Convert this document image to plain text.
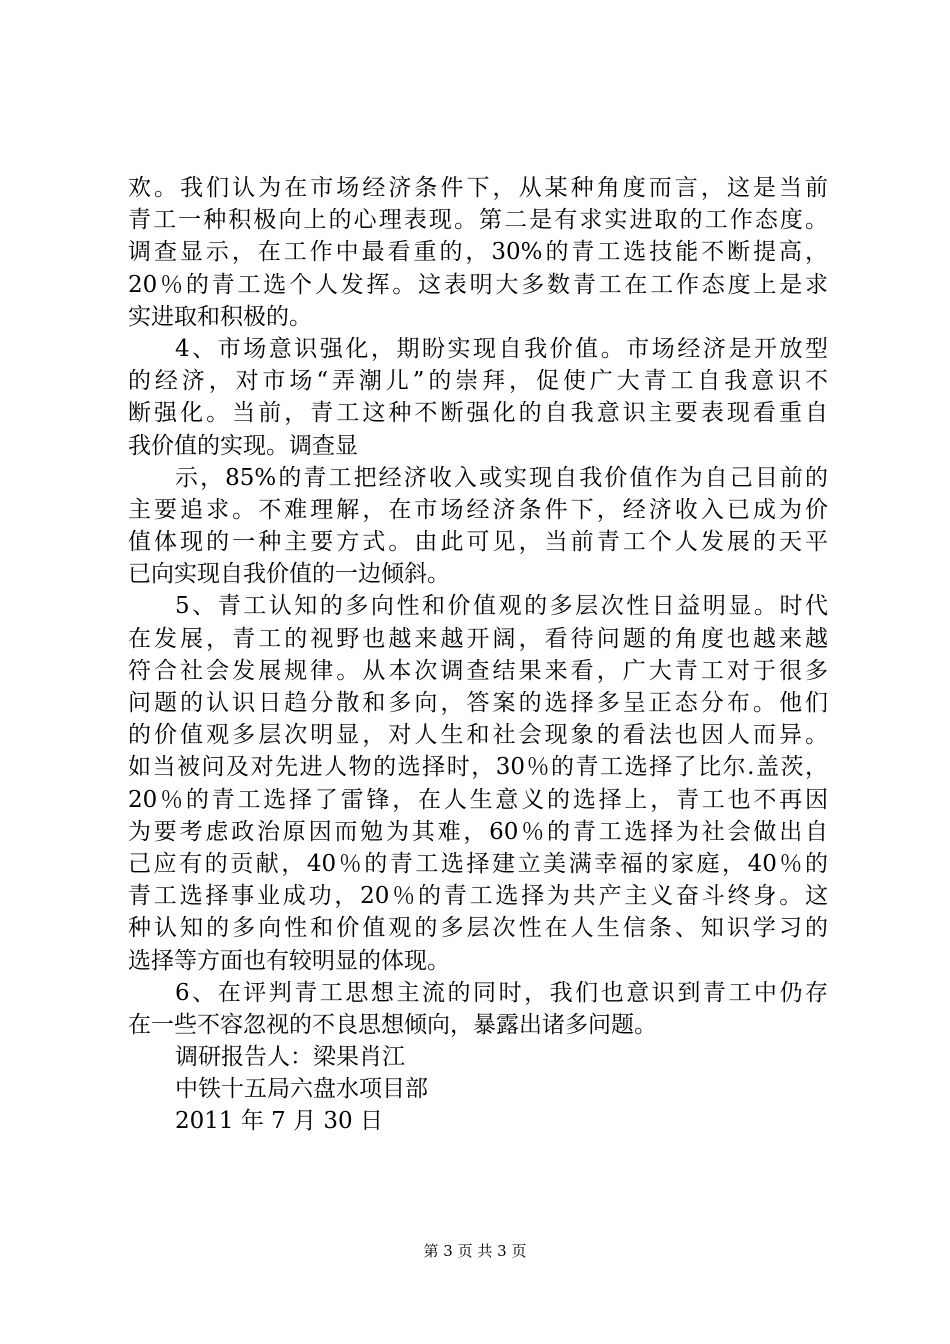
欢。我们认为在市场经济条件下，从某种角度而言，这是当前
青工一种积极向上的心理表现。第二是有求实进取的工作态度。
调查显示，在工作中最看重的，30%的青工选技能不断提高，
20％的青工选个人发挥。这表明大多数青工在工作态度上是求
实进取和积极的。
4、市场意识强化，期盼实现自我价值。市场经济是开放型
的经济，对市场“弄潮儿”的崇拜，促使广大青工自我意识不
断强化。当前，青工这种不断强化的自我意识主要表现看重自
我价值的实现。调查显
示，85%的青工把经济收入或实现自我价值作为自己目前的
主要追求。不难理解，在市场经济条件下，经济收入已成为价
值体现的一种主要方式。由此可见，当前青工个人发展的天平
已向实现自我价值的一边倾斜。
5、青工认知的多向性和价值观的多层次性日益明显。时代
在发展，青工的视野也越来越开阔，看待问题的角度也越来越
符合社会发展规律。从本次调查结果来看，广大青工对于很多
问题的认识日趋分散和多向，答案的选择多呈正态分布。他们
的价值观多层次明显，对人生和社会现象的看法也因人而异。
如当被问及对先进人物的选择时，30％的青工选择了比尔.盖茨，
20％的青工选择了雷锋，在人生意义的选择上，青工也不再因
为要考虑政治原因而勉为其难，60％的青工选择为社会做出自
己应有的贡献，40％的青工选择建立美满幸福的家庭，40％的
青工选择事业成功，20％的青工选择为共产主义奋斗终身。这
种认知的多向性和价值观的多层次性在人生信条、知识学习的
选择等方面也有较明显的体现。
6、在评判青工思想主流的同时，我们也意识到青工中仍存
在一些不容忽视的不良思想倾向，暴露出诸多问题。
调研报告人：梁果肖江
中铁十五局六盘水项目部
2011 年 7 月 30 日
第 3 页 共 3 页
